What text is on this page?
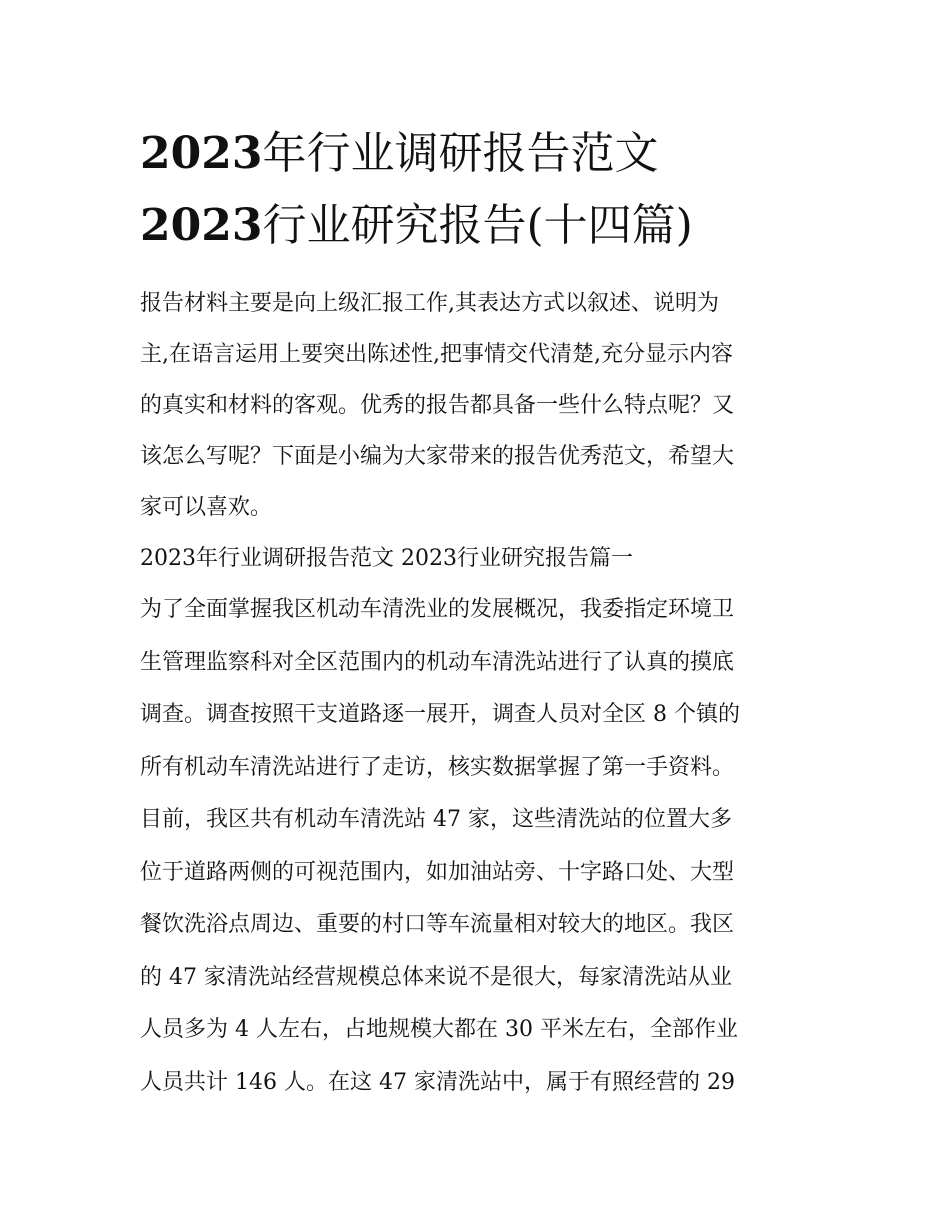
2023年行业调研报告范文
2023行业研究报告(十四篇)
报告材料主要是向上级汇报工作,其表达方式以叙述、说明为
主,在语言运用上要突出陈述性,把事情交代清楚,充分显示内容
的真实和材料的客观。优秀的报告都具备一些什么特点呢？又
该怎么写呢？下面是小编为大家带来的报告优秀范文，希望大
家可以喜欢。
2023年行业调研报告范文 2023行业研究报告篇一
为了全面掌握我区机动车清洗业的发展概况，我委指定环境卫
生管理监察科对全区范围内的机动车清洗站进行了认真的摸底
调查。调查按照干支道路逐一展开，调查人员对全区 8 个镇的
所有机动车清洗站进行了走访，核实数据掌握了第一手资料。
目前，我区共有机动车清洗站 47 家，这些清洗站的位置大多
位于道路两侧的可视范围内，如加油站旁、十字路口处、大型
餐饮洗浴点周边、重要的村口等车流量相对较大的地区。我区
的 47 家清洗站经营规模总体来说不是很大，每家清洗站从业
人员多为 4 人左右，占地规模大都在 30 平米左右，全部作业
人员共计 146 人。在这 47 家清洗站中，属于有照经营的 29
